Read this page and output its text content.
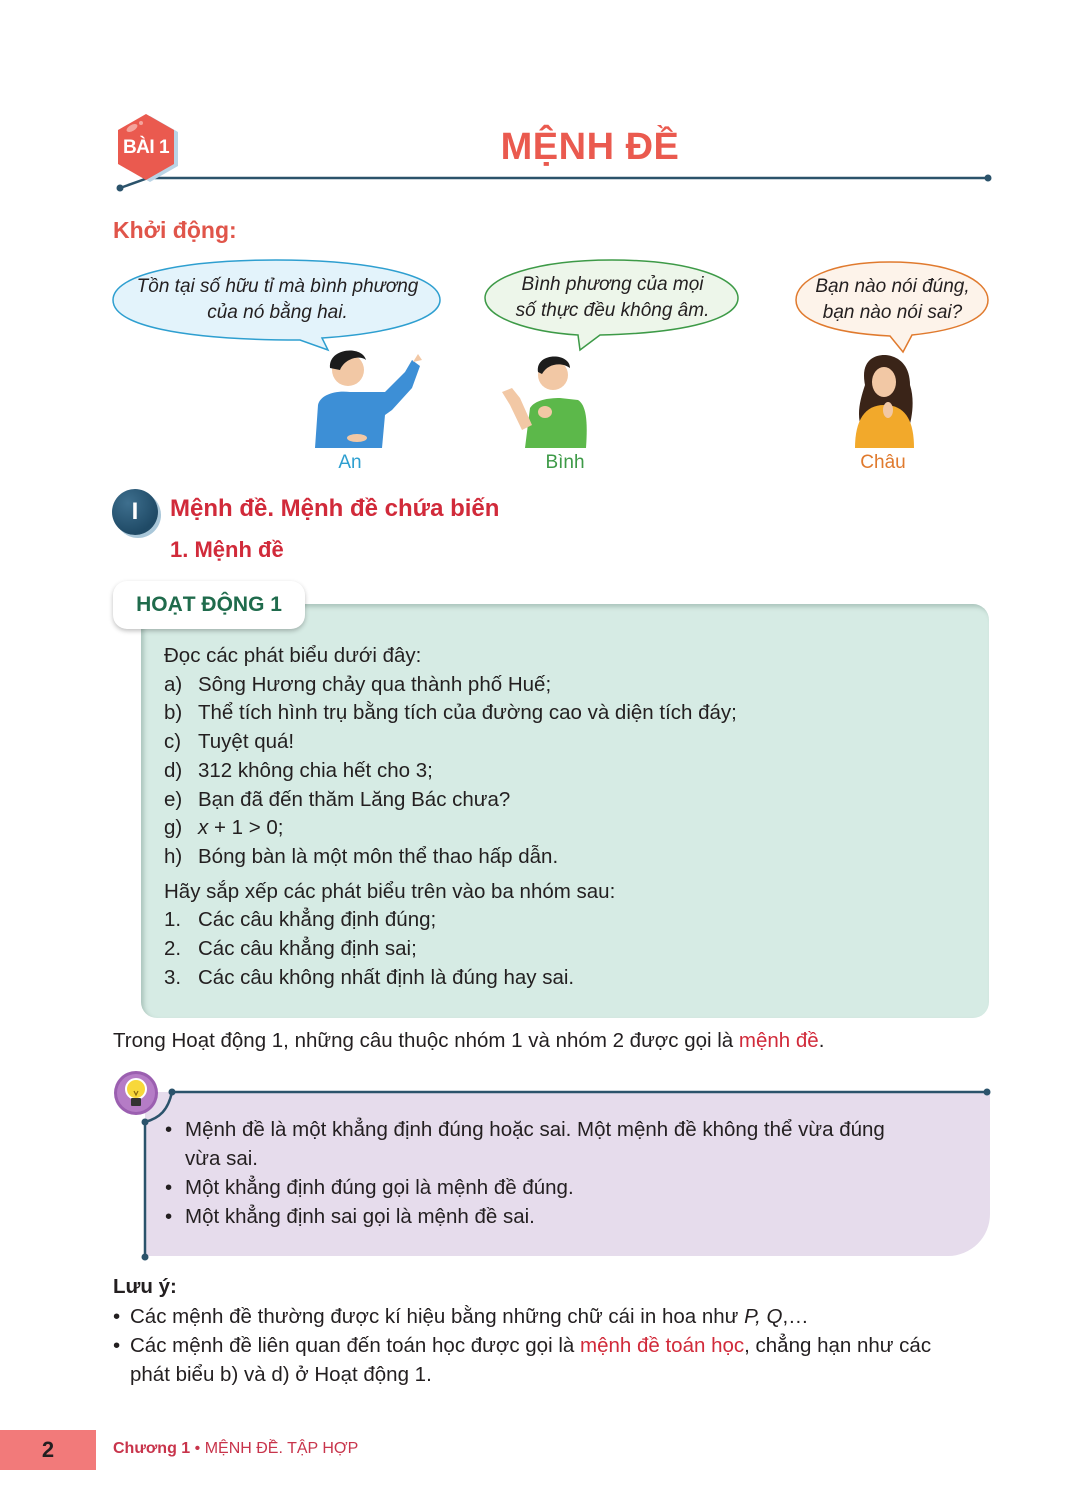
BÀI 1	MỆNH ĐỀ
Khởi động:
Tồn tại số hữu tỉ mà bình phương
của nó bằng hai.
Bình phương của mọi
số thực đều không âm.
Bạn nào nói đúng,
bạn nào nói sai?
An	Bình	Châu
I	Mệnh đề. Mệnh đề chứa biến
1. Mệnh đề
HOẠT ĐỘNG 1
Đọc các phát biểu dưới đây:
a) Sông Hương chảy qua thành phố Huế;
b) Thể tích hình trụ bằng tích của đường cao và diện tích đáy;
c) Tuyệt quá!
d) 312 không chia hết cho 3;
e) Bạn đã đến thăm Lăng Bác chưa?
g) x + 1 > 0;
h) Bóng bàn là một môn thể thao hấp dẫn.
Hãy sắp xếp các phát biểu trên vào ba nhóm sau:
1. Các câu khẳng định đúng;
2. Các câu khẳng định sai;
3. Các câu không nhất định là đúng hay sai.
Trong Hoạt động 1, những câu thuộc nhóm 1 và nhóm 2 được gọi là mệnh đề.
• Mệnh đề là một khẳng định đúng hoặc sai. Một mệnh đề không thể vừa đúng
vừa sai.
• Một khẳng định đúng gọi là mệnh đề đúng.
• Một khẳng định sai gọi là mệnh đề sai.
Lưu ý:
• Các mệnh đề thường được kí hiệu bằng những chữ cái in hoa như P, Q,…
• Các mệnh đề liên quan đến toán học được gọi là mệnh đề toán học, chẳng hạn như các
phát biểu b) và d) ở Hoạt động 1.
2	Chương 1 • MỆNH ĐỀ. TẬP HỢP
